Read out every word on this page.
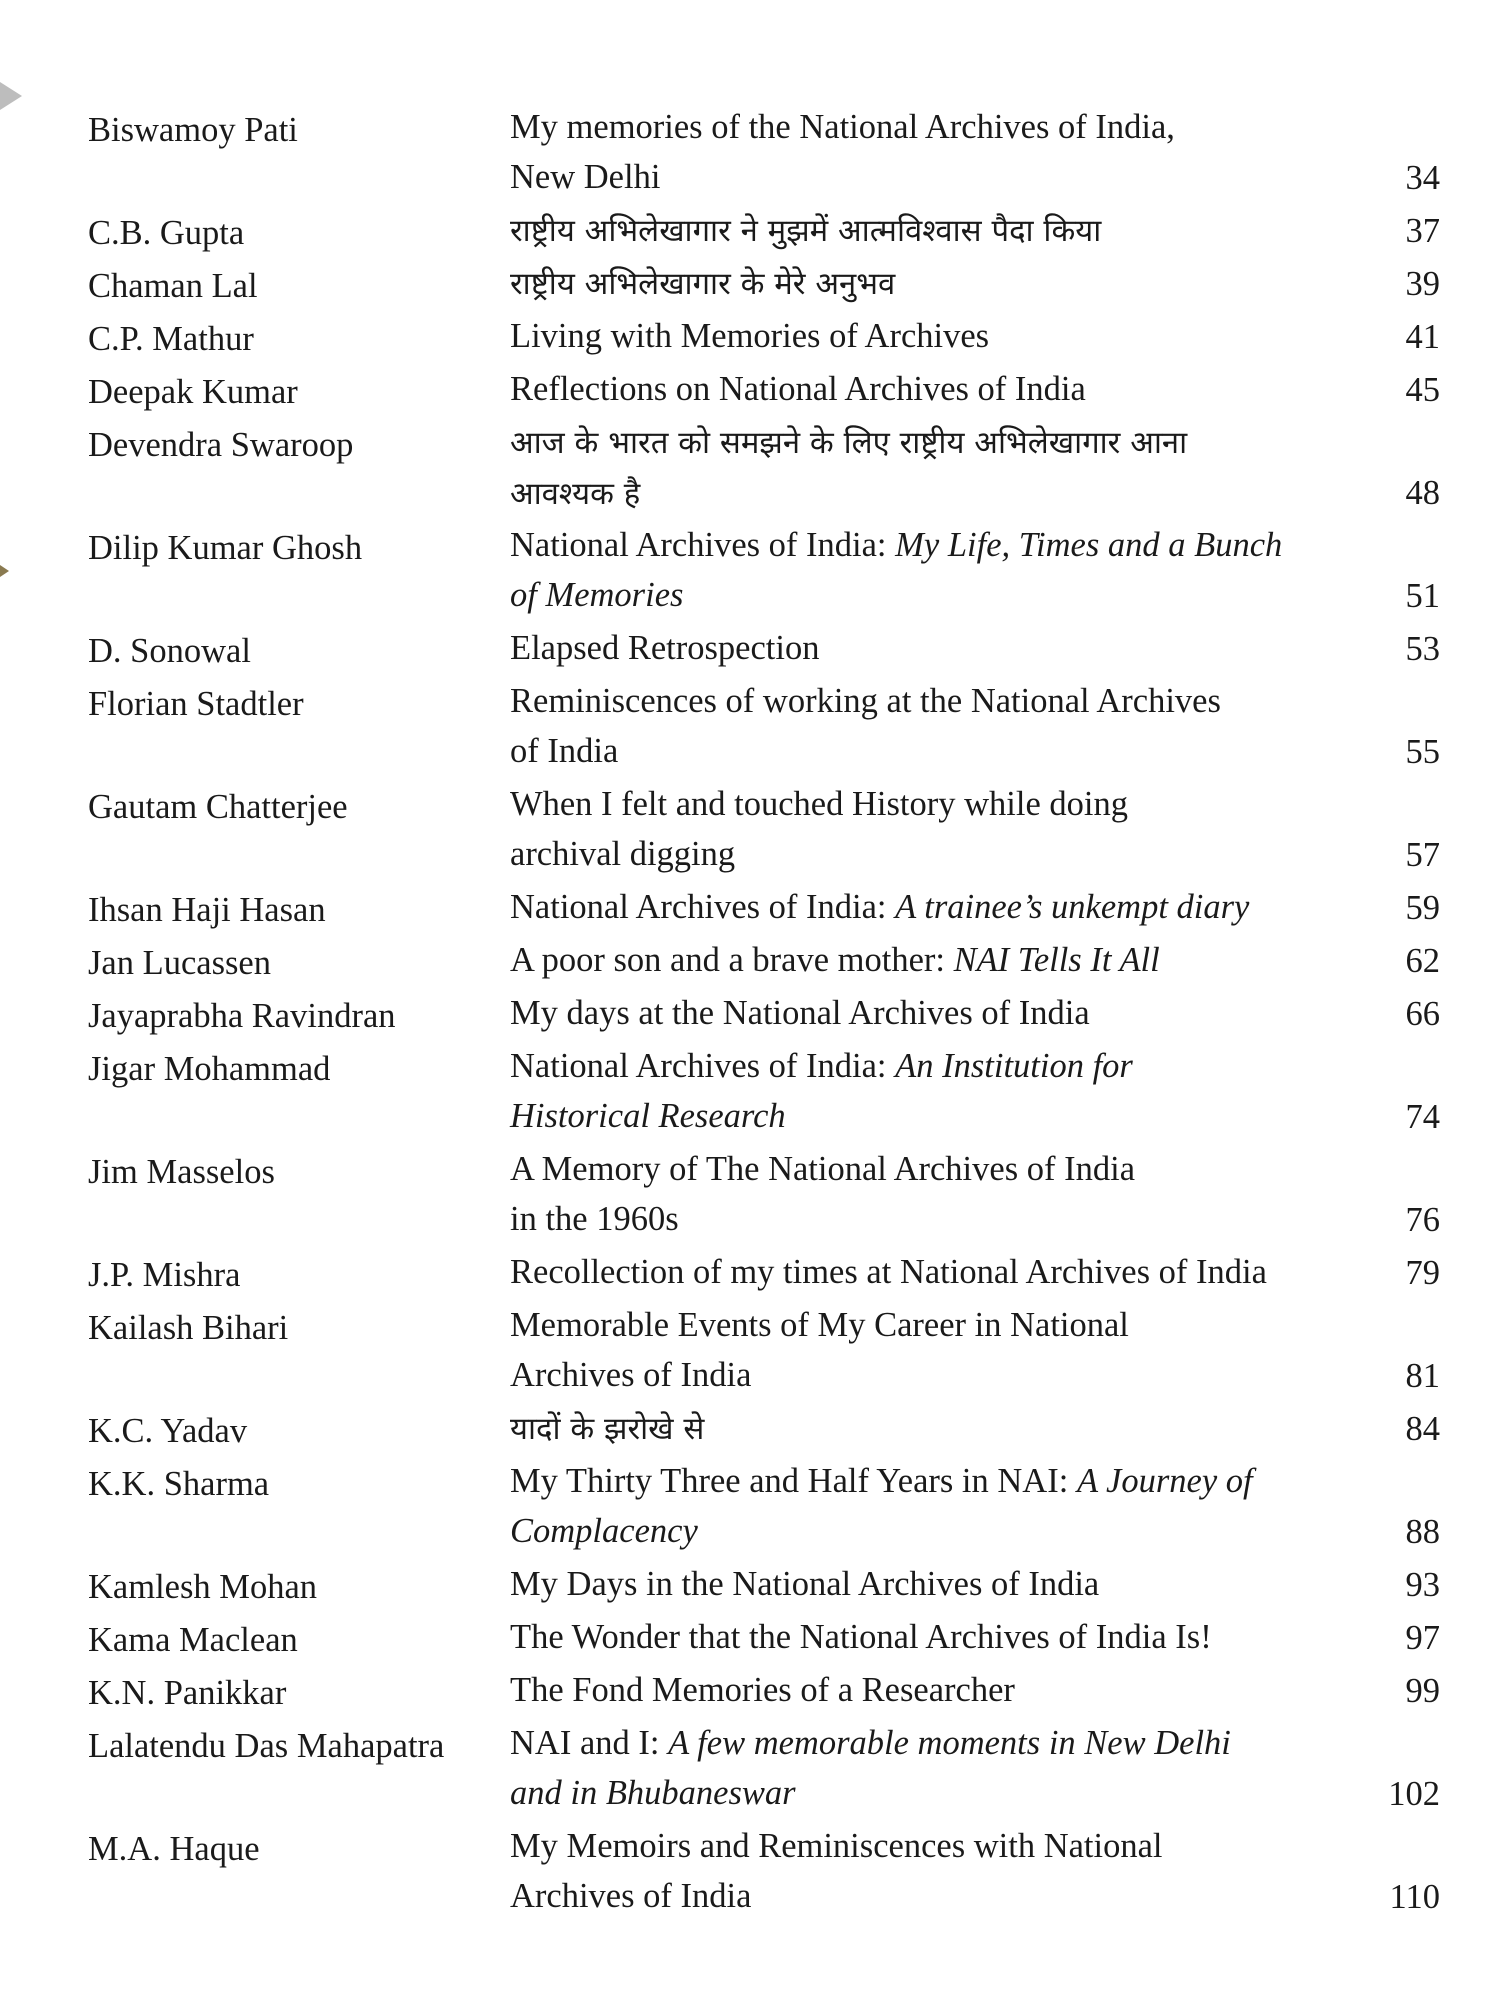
Biswamoy Pati	My memories of the National Archives of India,
New Delhi	34
C.B. Gupta	राष्ट्रीय अभिलेखागार ने मुझमें आत्मविश्वास पैदा किया	37
Chaman Lal	राष्ट्रीय अभिलेखागार के मेरे अनुभव	39
C.P. Mathur	Living with Memories of Archives	41
Deepak Kumar	Reflections on National Archives of India	45
Devendra Swaroop	आज के भारत को समझने के लिए राष्ट्रीय अभिलेखागार आना
आवश्यक है	48
Dilip Kumar Ghosh	National Archives of India: My Life, Times and a Bunch
of Memories	51
D. Sonowal	Elapsed Retrospection	53
Florian Stadtler	Reminiscences of working at the National Archives
of India	55
Gautam Chatterjee	When I felt and touched History while doing
archival digging	57
Ihsan Haji Hasan	National Archives of India: A trainee’s unkempt diary	59
Jan Lucassen	A poor son and a brave mother: NAI Tells It All	62
Jayaprabha Ravindran	My days at the National Archives of India	66
Jigar Mohammad	National Archives of India: An Institution for
Historical Research	74
Jim Masselos	A Memory of The National Archives of India
in the 1960s	76
J.P. Mishra	Recollection of my times at National Archives of India	79
Kailash Bihari	Memorable Events of My Career in National
Archives of India	81
K.C. Yadav	यादों के झरोखे से	84
K.K. Sharma	My Thirty Three and Half Years in NAI: A Journey of
Complacency	88
Kamlesh Mohan	My Days in the National Archives of India	93
Kama Maclean	The Wonder that the National Archives of India Is!	97
K.N. Panikkar	The Fond Memories of a Researcher	99
Lalatendu Das Mahapatra NAI and I: A few memorable moments in New Delhi
and in Bhubaneswar	102
M.A. Haque	My Memoirs and Reminiscences with National
Archives of India	110
